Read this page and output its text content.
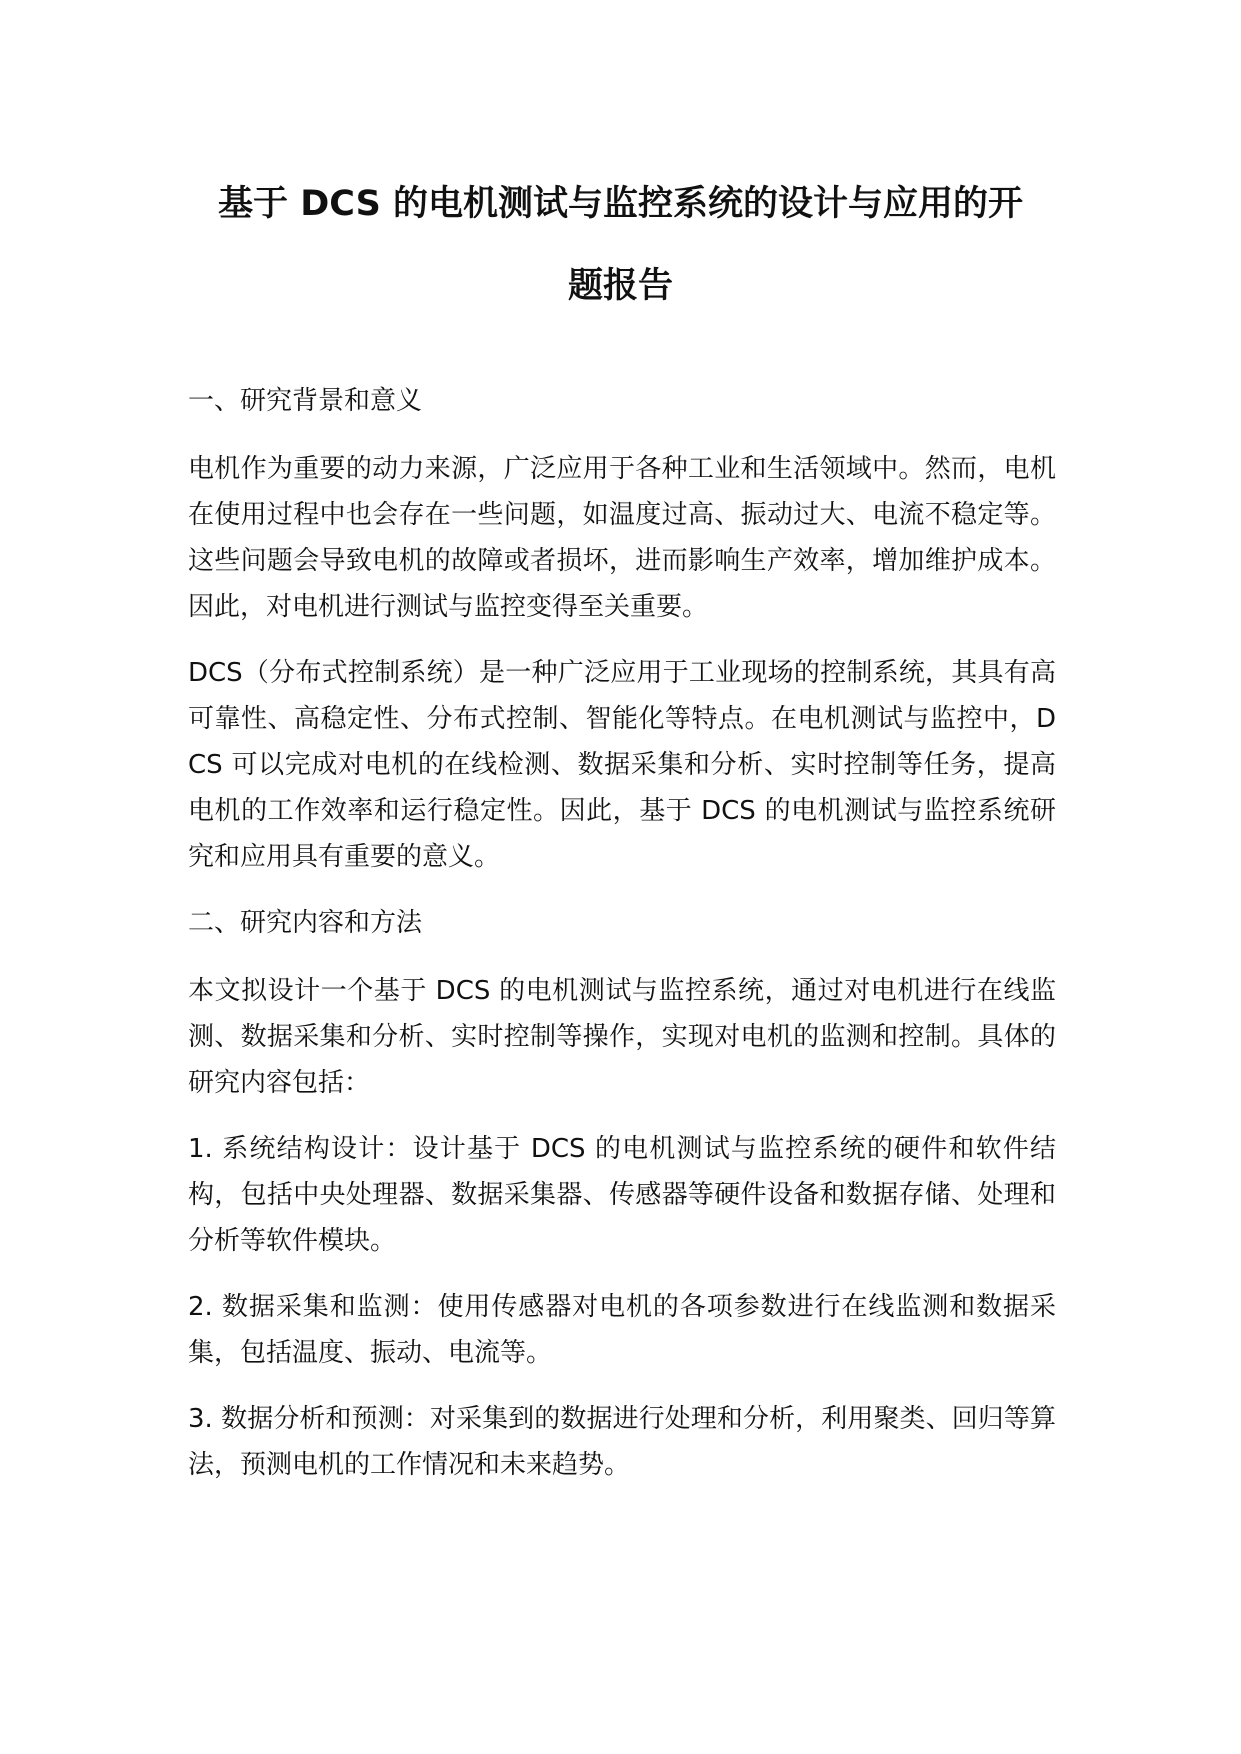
基于 DCS 的电机测试与监控系统的设计与应用的开
题报告

一、研究背景和意义

电机作为重要的动力来源，广泛应用于各种工业和生活领域中。然而，电机在使用过程中也会存在一些问题，如温度过高、振动过大、电流不稳定等。这些问题会导致电机的故障或者损坏，进而影响生产效率，增加维护成本。因此，对电机进行测试与监控变得至关重要。

DCS（分布式控制系统）是一种广泛应用于工业现场的控制系统，其具有高可靠性、高稳定性、分布式控制、智能化等特点。在电机测试与监控中，DCS 可以完成对电机的在线检测、数据采集和分析、实时控制等任务，提高电机的工作效率和运行稳定性。因此，基于 DCS 的电机测试与监控系统研究和应用具有重要的意义。

二、研究内容和方法

本文拟设计一个基于 DCS 的电机测试与监控系统，通过对电机进行在线监测、数据采集和分析、实时控制等操作，实现对电机的监测和控制。具体的研究内容包括：

1. 系统结构设计：设计基于 DCS 的电机测试与监控系统的硬件和软件结构，包括中央处理器、数据采集器、传感器等硬件设备和数据存储、处理和分析等软件模块。

2. 数据采集和监测：使用传感器对电机的各项参数进行在线监测和数据采集，包括温度、振动、电流等。

3. 数据分析和预测：对采集到的数据进行处理和分析，利用聚类、回归等算法，预测电机的工作情况和未来趋势。
